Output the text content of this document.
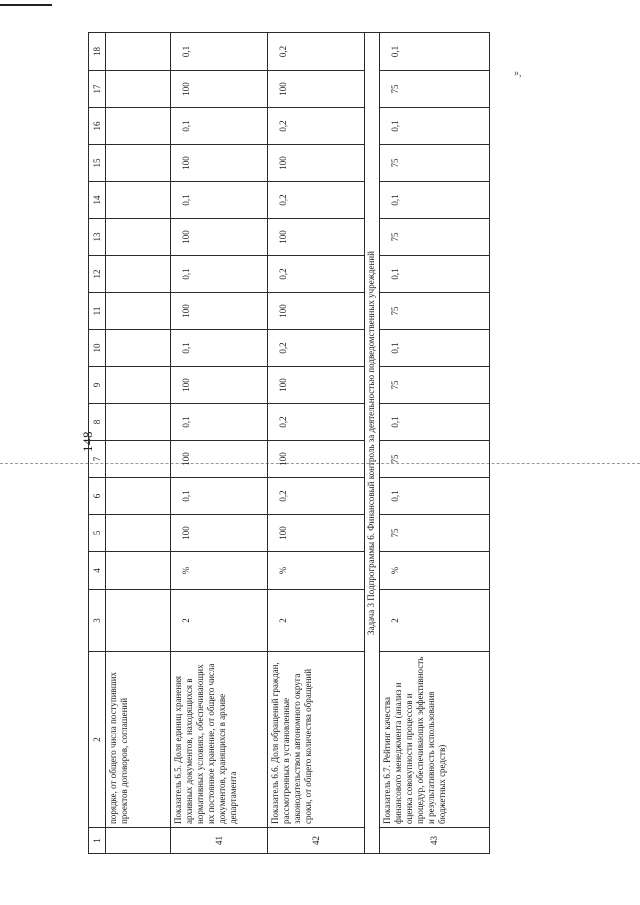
148
»,
1	2	3	4	5	6	7	8	9	10	11	12	13	14	15	16	17	18
	порядке, от общего числа поступивших проектов договоров, соглашений																
41	Показатель 6.5. Доля единиц хранения архивных документов, находящихся в нормативных условиях, обеспечивающих их постоянное хранение, от общего числа документов, хранящихся в архиве департамента	2	%	100	0,1	100	0,1	100	0,1	100	0,1	100	0,1	100	0,1	100	0,1
42	Показатель 6.6. Доля обращений граждан, рассмотренных в установленные законодательством автономного округа сроки, от общего количества обращений	2	%	100	0,2	100	0,2	100	0,2	100	0,2	100	0,2	100	0,2	100	0,2
Задача 3 Подпрограммы 6. Финансовый контроль за деятельностью подведомственных учреждений																	
43	Показатель 6.7. Рейтинг качества финансового менеджмента (анализ и оценка совокупности процессов и процедур, обеспечивающих эффективность и результативность использования бюджетных средств)	2	%	75	0,1	75	0,1	75	0,1	75	0,1	75	0,1	75	0,1	75	0,1
